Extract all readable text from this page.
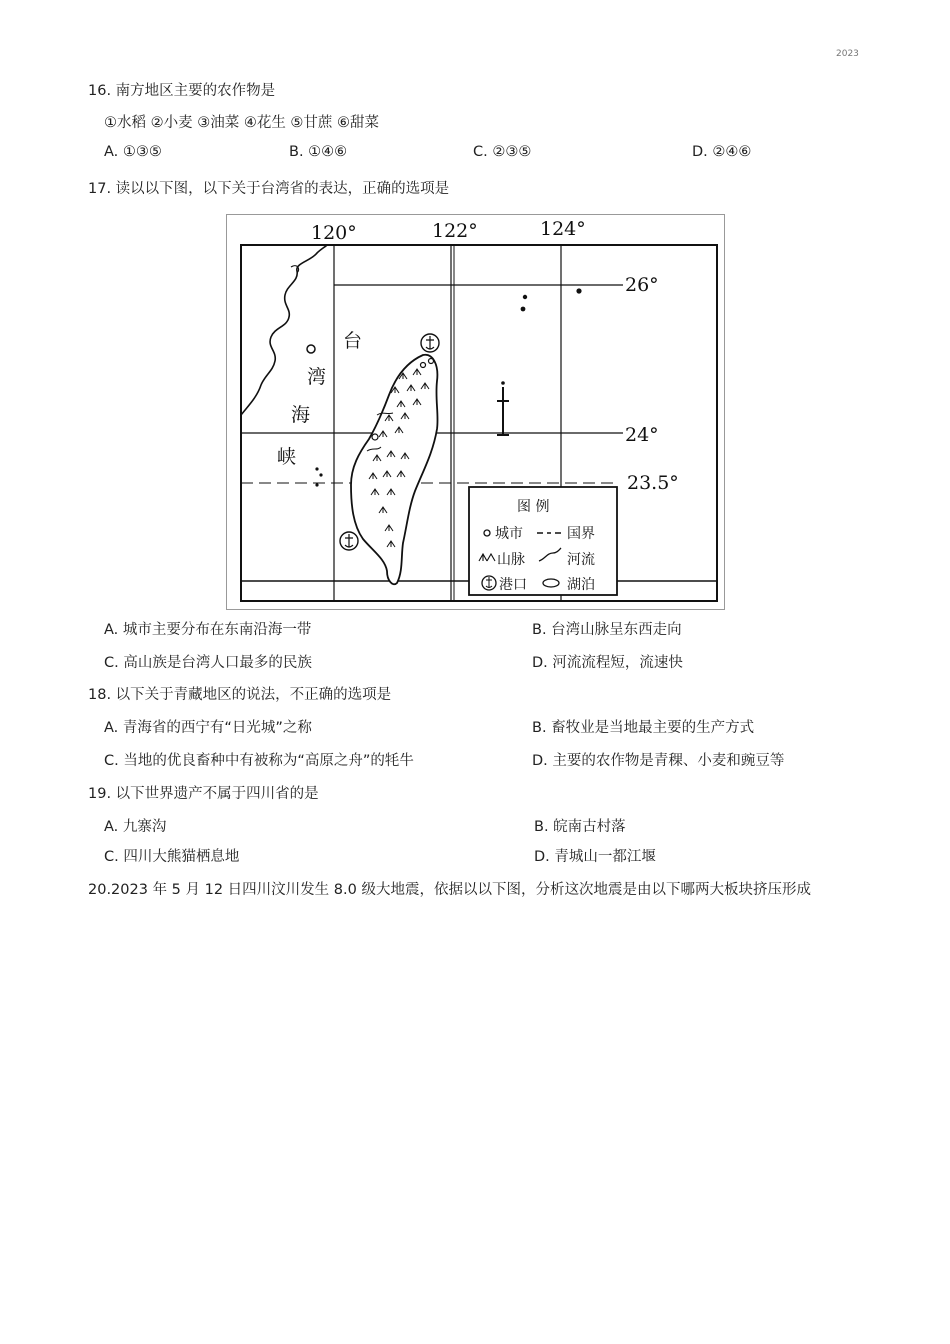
2023
16. 南方地区主要的农作物是
①水稻 ②小麦 ③油菜 ④花生 ⑤甘蔗 ⑥甜菜
A. ①③⑤	B. ①④⑥	C. ②③⑤	D. ②④⑥
17. 读以以下图，以下关于台湾省的表达，正确的选项是
120°	122°	124°
26°
24°
23.5°
台
湾
海
峡
图 例
城市	国界
山脉	河流
港口	湖泊
A. 城市主要分布在东南沿海一带	B. 台湾山脉呈东西走向
C. 高山族是台湾人口最多的民族	D. 河流流程短，流速快
18. 以下关于青藏地区的说法，不正确的选项是
A. 青海省的西宁有“日光城”之称	B. 畜牧业是当地最主要的生产方式
C. 当地的优良畜种中有被称为“高原之舟”的牦牛	D. 主要的农作物是青稞、小麦和豌豆等
19. 以下世界遗产不属于四川省的是
A. 九寨沟	B. 皖南古村落
C. 四川大熊猫栖息地	D. 青城山一都江堰
20.2023 年 5 月 12 日四川汶川发生 8.0 级大地震，依据以以下图，分析这次地震是由以下哪两大板块挤压形成
